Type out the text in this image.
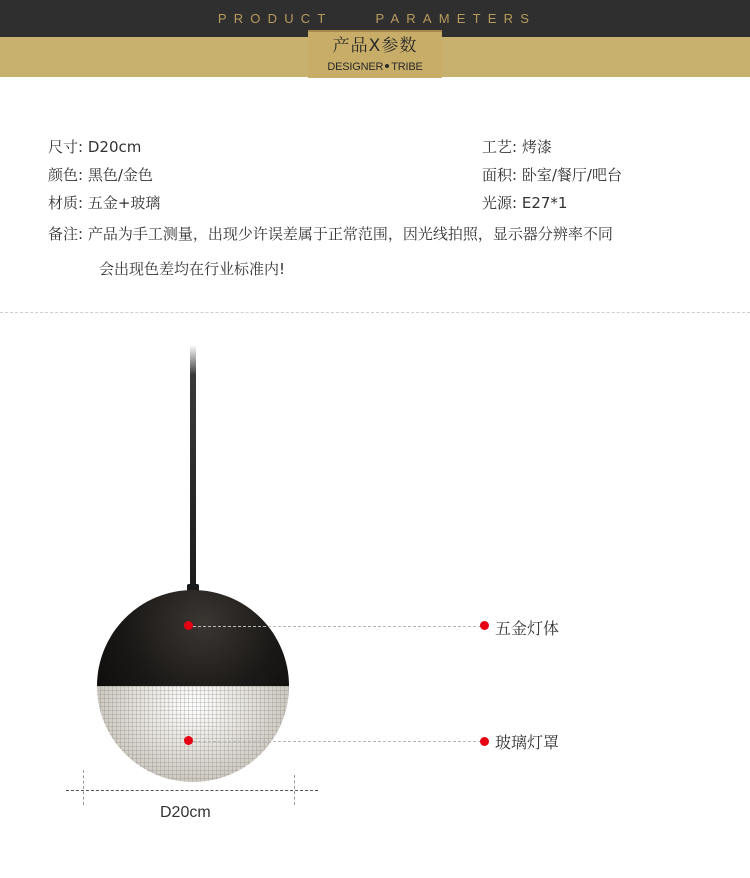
PRODUCT    PARAMETERS
产品X参数
DESIGNER TRIBE
尺寸: D20cm
颜色: 黑色/金色
材质: 五金+玻璃
工艺: 烤漆
面积: 卧室/餐厅/吧台
光源: E27*1
备注: 产品为手工测量，出现少许误差属于正常范围，因光线拍照，显示器分辨率不同
会出现色差均在行业标准内!
五金灯体
玻璃灯罩
D20cm
